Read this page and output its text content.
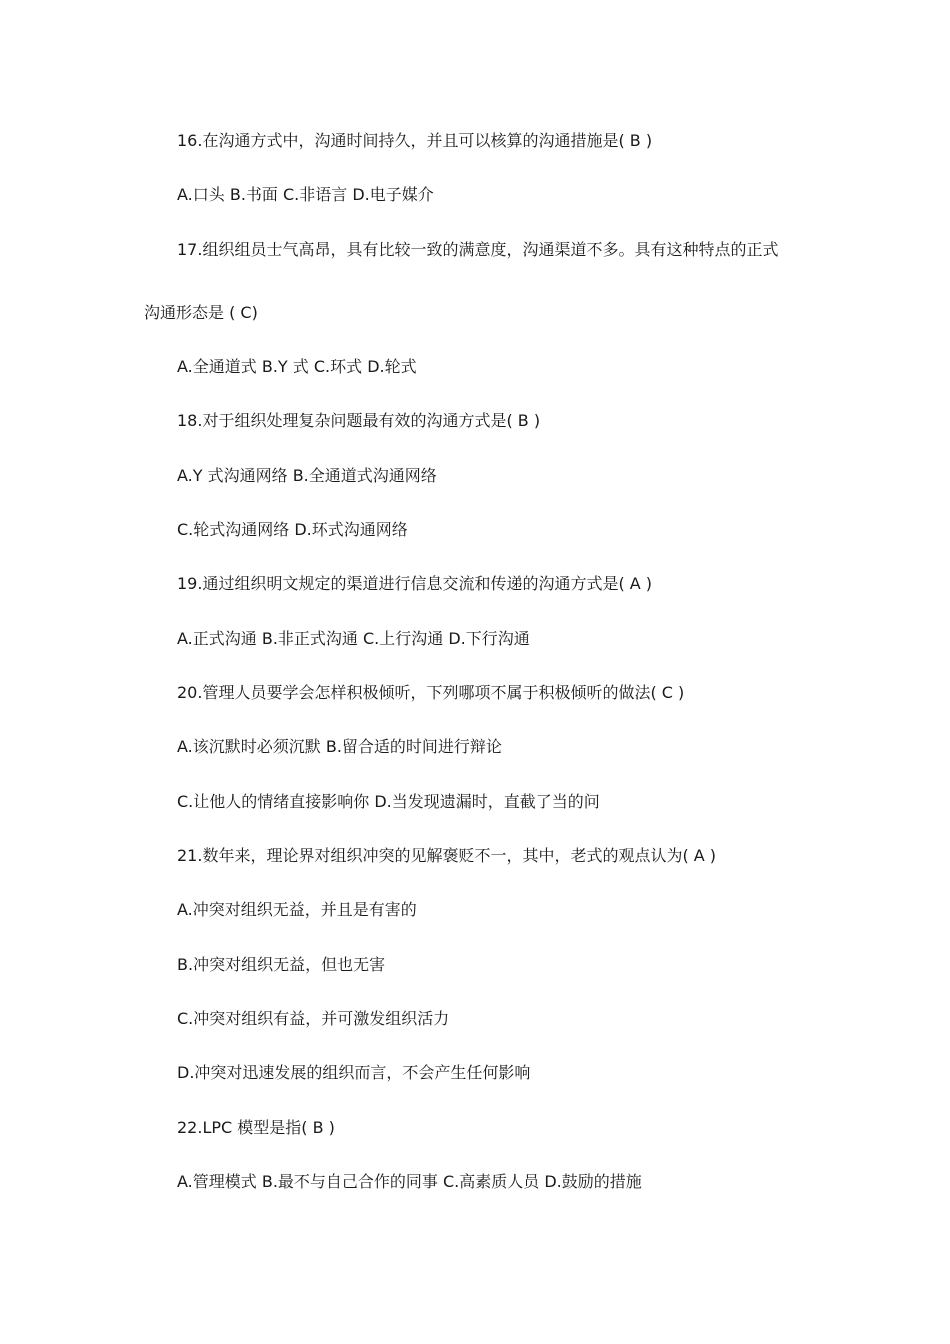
16.在沟通方式中，沟通时间持久，并且可以核算的沟通措施是( B )
A.口头 B.书面 C.非语言 D.电子媒介
17.组织组员士气高昂，具有比较一致的满意度，沟通渠道不多。具有这种特点的正式
沟通形态是 ( C)
A.全通道式 B.Y 式 C.环式 D.轮式
18.对于组织处理复杂问题最有效的沟通方式是( B )
A.Y 式沟通网络 B.全通道式沟通网络
C.轮式沟通网络 D.环式沟通网络
19.通过组织明文规定的渠道进行信息交流和传递的沟通方式是( A )
A.正式沟通 B.非正式沟通 C.上行沟通 D.下行沟通
20.管理人员要学会怎样积极倾听，下列哪项不属于积极倾听的做法( C )
A.该沉默时必须沉默 B.留合适的时间进行辩论
C.让他人的情绪直接影响你 D.当发现遗漏时，直截了当的问
21.数年来，理论界对组织冲突的见解褒贬不一，其中，老式的观点认为( A )
A.冲突对组织无益，并且是有害的
B.冲突对组织无益，但也无害
C.冲突对组织有益，并可激发组织活力
D.冲突对迅速发展的组织而言，不会产生任何影响
22.LPC 模型是指( B )
A.管理模式 B.最不与自己合作的同事 C.高素质人员 D.鼓励的措施
